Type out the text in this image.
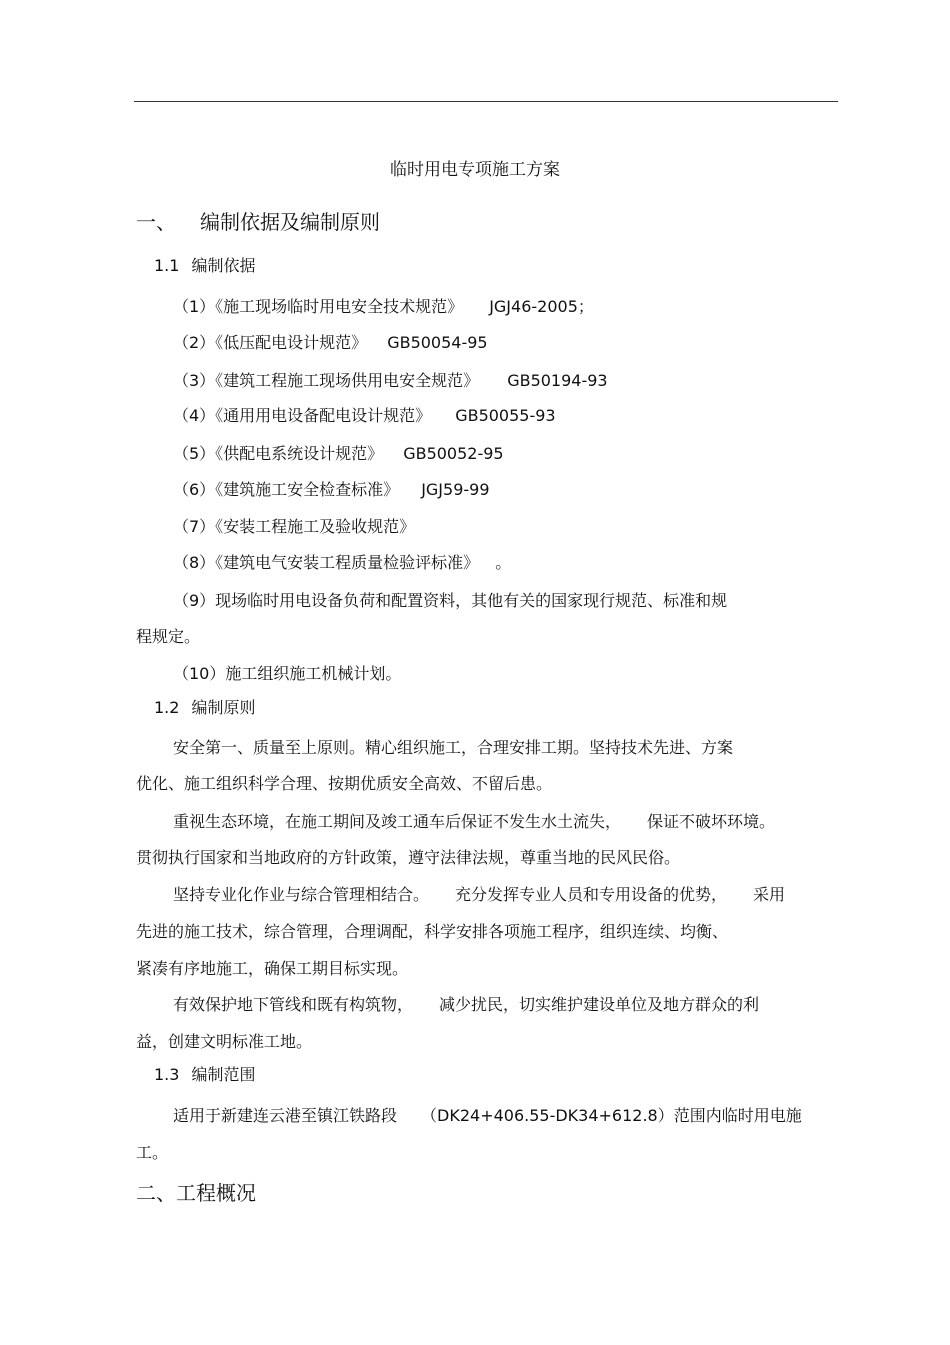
临时用电专项施工方案
一、 编制依据及编制原则
1.1 编制依据
（1）《施工现场临时用电安全技术规范》 JGJ46-2005；
（2）《低压配电设计规范》 GB50054-95
（3）《建筑工程施工现场供用电安全规范》 GB50194-93
（4）《通用用电设备配电设计规范》 GB50055-93
（5）《供配电系统设计规范》 GB50052-95
（6）《建筑施工安全检查标准》 JGJ59-99
（7）《安装工程施工及验收规范》
（8）《建筑电气安装工程质量检验评标准》 。
（9）现场临时用电设备负荷和配置资料，其他有关的国家现行规范、标准和规
程规定。
（10）施工组织施工机械计划。
1.2 编制原则
安全第一、质量至上原则。精心组织施工，合理安排工期。坚持技术先进、方案
优化、施工组织科学合理、按期优质安全高效、不留后患。
重视生态环境，在施工期间及竣工通车后保证不发生水土流失， 保证不破坏环境。
贯彻执行国家和当地政府的方针政策，遵守法律法规，尊重当地的民风民俗。
坚持专业化作业与综合管理相结合。 充分发挥专业人员和专用设备的优势， 采用
先进的施工技术，综合管理，合理调配，科学安排各项施工程序，组织连续、均衡、
紧凑有序地施工，确保工期目标实现。
有效保护地下管线和既有构筑物， 减少扰民，切实维护建设单位及地方群众的利
益，创建文明标准工地。
1.3 编制范围
适用于新建连云港至镇江铁路段 （DK24+406.55-DK34+612.8）范围内临时用电施
工。
二、工程概况
